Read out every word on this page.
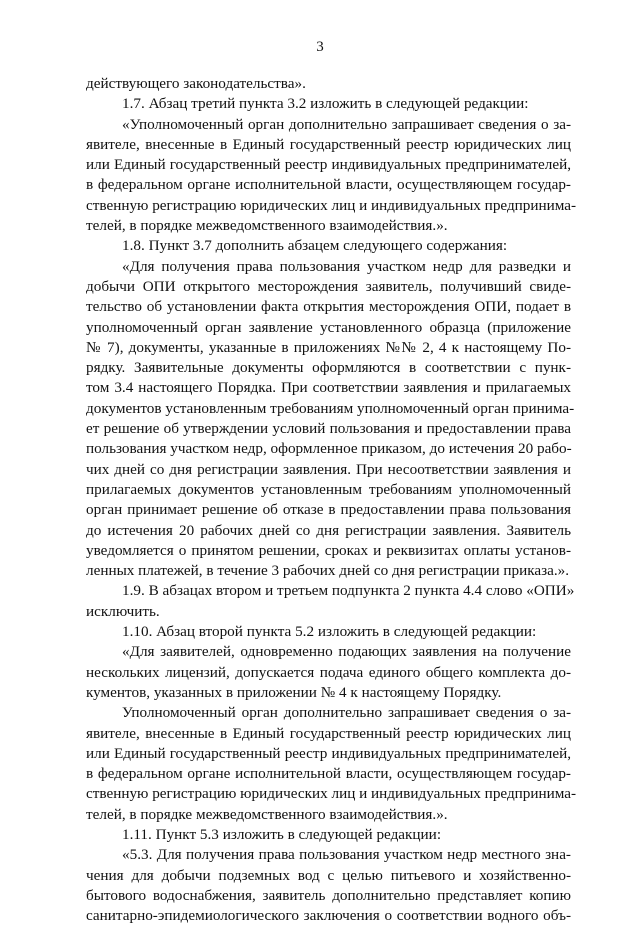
3
действующего законодательства».
1.7. Абзац третий пункта 3.2 изложить в следующей редакции:
«Уполномоченный орган дополнительно запрашивает сведения о за-
явителе, внесенные в Единый государственный реестр юридических лиц
или Единый государственный реестр индивидуальных предпринимателей,
в федеральном органе исполнительной власти, осуществляющем государ-
ственную регистрацию юридических лиц и индивидуальных предпринима-
телей, в порядке межведомственного взаимодействия.».
1.8. Пункт 3.7 дополнить абзацем следующего содержания:
«Для получения права пользования участком недр для разведки и
добычи ОПИ открытого месторождения заявитель, получивший свиде-
тельство об установлении факта открытия месторождения ОПИ, подает в
уполномоченный орган заявление установленного образца (приложение
№ 7), документы, указанные в приложениях №№ 2, 4 к настоящему По-
рядку. Заявительные документы оформляются в соответствии с пунк-
том 3.4 настоящего Порядка. При соответствии заявления и прилагаемых
документов установленным требованиям уполномоченный орган принима-
ет решение об утверждении условий пользования и предоставлении права
пользования участком недр, оформленное приказом, до истечения 20 рабо-
чих дней со дня регистрации заявления. При несоответствии заявления и
прилагаемых документов установленным требованиям уполномоченный
орган принимает решение об отказе в предоставлении права пользования
до истечения 20 рабочих дней со дня регистрации заявления. Заявитель
уведомляется о принятом решении, сроках и реквизитах оплаты установ-
ленных платежей, в течение 3 рабочих дней со дня регистрации приказа.».
1.9. В абзацах втором и третьем подпункта 2 пункта 4.4 слово «ОПИ»
исключить.
1.10. Абзац второй пункта 5.2 изложить в следующей редакции:
«Для заявителей, одновременно подающих заявления на получение
нескольких лицензий, допускается подача единого общего комплекта до-
кументов, указанных в приложении № 4 к настоящему Порядку.
Уполномоченный орган дополнительно запрашивает сведения о за-
явителе, внесенные в Единый государственный реестр юридических лиц
или Единый государственный реестр индивидуальных предпринимателей,
в федеральном органе исполнительной власти, осуществляющем государ-
ственную регистрацию юридических лиц и индивидуальных предпринима-
телей, в порядке межведомственного взаимодействия.».
1.11. Пункт 5.3 изложить в следующей редакции:
«5.3. Для получения права пользования участком недр местного зна-
чения для добычи подземных вод с целью питьевого и хозяйственно-
бытового водоснабжения, заявитель дополнительно представляет копию
санитарно-эпидемиологического заключения о соответствии водного объ-
